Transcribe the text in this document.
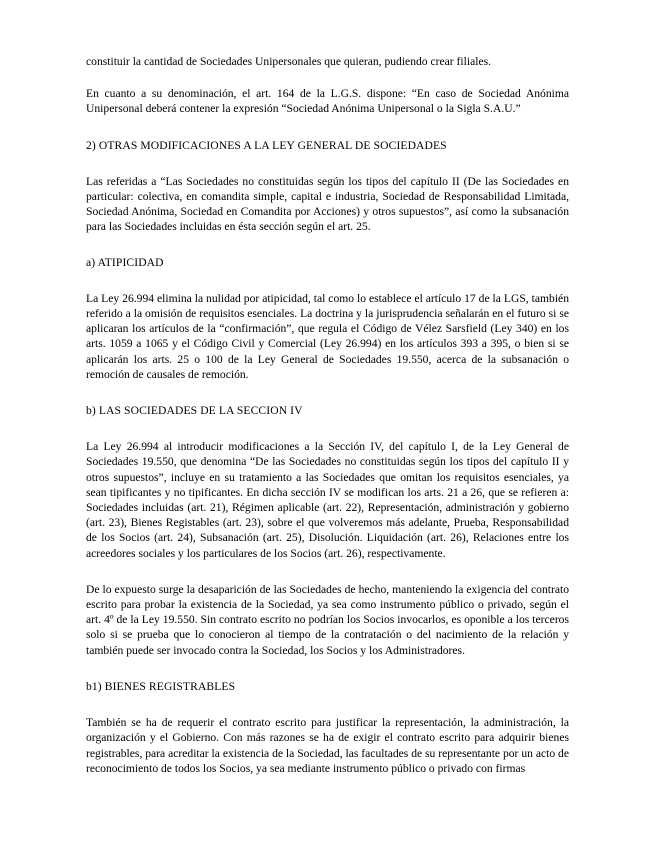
constituir la cantidad de Sociedades Unipersonales que quieran, pudiendo crear filiales.

En cuanto a su denominación, el art. 164 de la L.G.S. dispone: “En caso de Sociedad Anónima Unipersonal deberá contener la expresión “Sociedad Anónima Unipersonal o la Sigla S.A.U.”

2) OTRAS MODIFICACIONES A LA LEY GENERAL DE SOCIEDADES

Las referidas a “Las Sociedades no constituidas según los tipos del capítulo II (De las Sociedades en particular: colectiva, en comandita simple, capital e industria, Sociedad de Responsabilidad Limitada, Sociedad Anónima, Sociedad en Comandita por Acciones) y otros supuestos”, así como la subsanación para las Sociedades incluidas en ésta sección según el art. 25.

a) ATIPICIDAD

La Ley 26.994 elimina la nulidad por atipicidad, tal como lo establece el artículo 17 de la LGS, también referido a la omisión de requisitos esenciales. La doctrina y la jurisprudencia señalarán en el futuro si se aplicaran los artículos de la “confirmación”, que regula el Código de Vélez Sarsfield (Ley 340) en los arts. 1059 a 1065 y el Código Civil y Comercial (Ley 26.994) en los artículos 393 a 395, o bien si se aplicarán los arts. 25 o 100 de la Ley General de Sociedades 19.550, acerca de la subsanación o remoción de causales de remoción.

b) LAS SOCIEDADES DE LA SECCION IV

La Ley 26.994 al introducir modificaciones a la Sección IV, del capítulo I, de la Ley General de Sociedades 19.550, que denomina “De las Sociedades no constituidas según los tipos del capítulo II y otros supuestos”, incluye en su tratamiento a las Sociedades que omitan los requisitos esenciales, ya sean tipificantes y no tipificantes. En dicha sección IV se modifican los arts. 21 a 26, que se refieren a: Sociedades incluidas (art. 21), Régimen aplicable (art. 22), Representación, administración y gobierno (art. 23), Bienes Registables (art. 23), sobre el que volveremos más adelante, Prueba, Responsabilidad de los Socios (art. 24), Subsanación (art. 25), Disolución. Liquidación (art. 26), Relaciones entre los acreedores sociales y los particulares de los Socios (art. 26), respectivamente.

De lo expuesto surge la desaparición de las Sociedades de hecho, manteniendo la exigencia del contrato escrito para probar la existencia de la Sociedad, ya sea como instrumento público o privado, según el art. 4º de la Ley 19.550. Sin contrato escrito no podrían los Socios invocarlos, es oponible a los terceros solo si se prueba que lo conocieron al tiempo de la contratación o del nacimiento de la relación y también puede ser invocado contra la Sociedad, los Socios y los Administradores.

b1) BIENES REGISTRABLES

También se ha de requerir el contrato escrito para justificar la representación, la administración, la organización y el Gobierno. Con más razones se ha de exigir el contrato escrito para adquirir bienes registrables, para acreditar la existencia de la Sociedad, las facultades de su representante por un acto de reconocimiento de todos los Socios, ya sea mediante instrumento público o privado con firmas
